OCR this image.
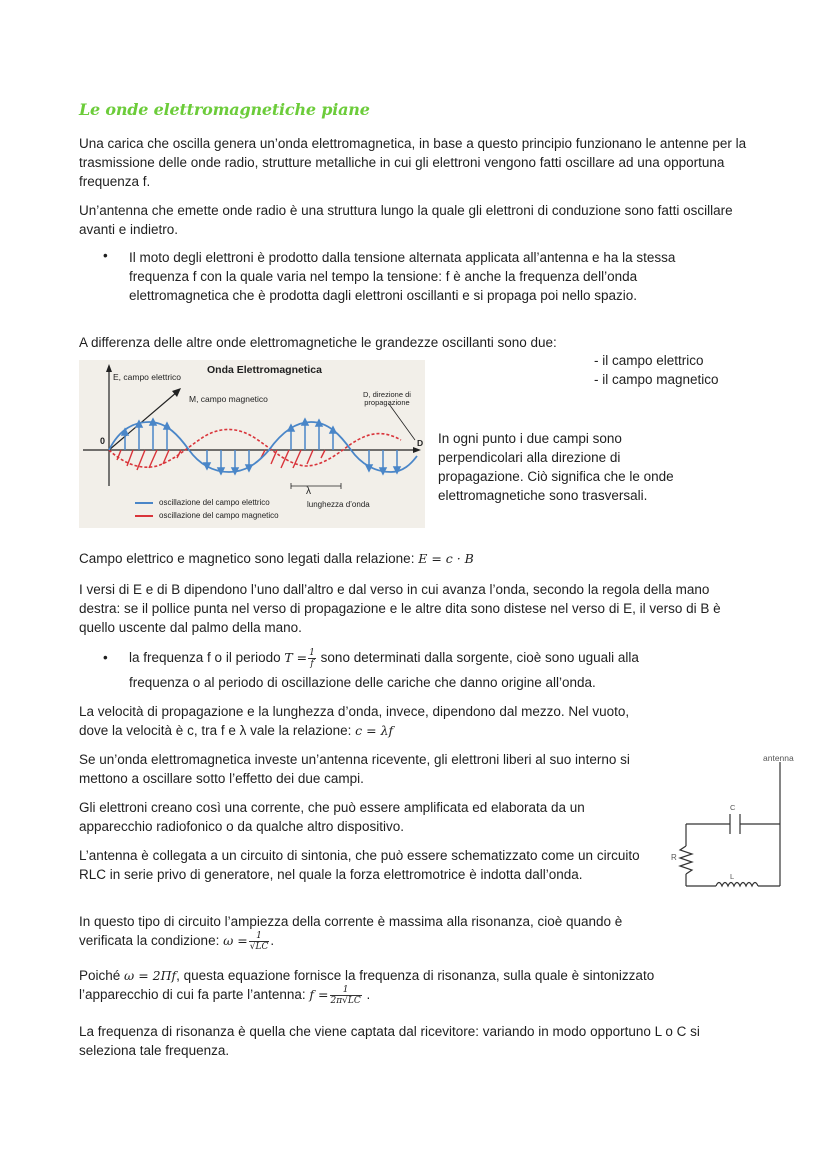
Le onde elettromagnetiche piane
Una carica che oscilla genera un’onda elettromagnetica, in base a questo principio funzionano le antenne per la trasmissione delle onde radio, strutture metalliche in cui gli elettroni vengono fatti oscillare ad una opportuna frequenza f.
Un’antenna che emette onde radio è una struttura lungo la quale gli elettroni di conduzione sono fatti oscillare avanti e indietro.
• Il moto degli elettroni è prodotto dalla tensione alternata applicata all’antenna e ha la stessa frequenza f con la quale varia nel tempo la tensione: f è anche la frequenza dell’onda elettromagnetica che è prodotta dagli elettroni oscillanti e si propaga poi nello spazio.
A differenza delle altre onde elettromagnetiche le grandezze oscillanti sono due:
- il campo elettrico
- il campo magnetico
E, campo elettrico
Onda Elettromagnetica
M, campo magnetico	D, direzione di
propagazione
0	D
λ
lunghezza d’onda
oscillazione del campo elettrico
oscillazione del campo magnetico
In ogni punto i due campi sono perpendicolari alla direzione di propagazione. Ciò significa che le onde elettromagnetiche sono trasversali.
Campo elettrico e magnetico sono legati dalla relazione: E = c · B
I versi di E e di B dipendono l’uno dall’altro e dal verso in cui avanza l’onda, secondo la regola della mano destra: se il pollice punta nel verso di propagazione e le altre dita sono distese nel verso di E, il verso di B è quello uscente dal palmo della mano.
• la frequenza f o il periodo $T = \frac{1}{f}$ sono determinati dalla sorgente, cioè sono uguali alla
frequenza o al periodo di oscillazione delle cariche che danno origine all’onda.
La velocità di propagazione e la lunghezza d’onda, invece, dipendono dal mezzo. Nel vuoto,
dove la velocità è c, tra f e λ vale la relazione: c = λf
Se un’onda elettromagnetica investe un’antenna ricevente, gli elettroni liberi al suo interno si mettono a oscillare sotto l’effetto dei due campi.
Gli elettroni creano così una corrente, che può essere amplificata ed elaborata da un apparecchio radiofonico o da qualche altro dispositivo.
L’antenna è collegata a un circuito di sintonia, che può essere schematizzato come un circuito RLC in serie privo di generatore, nel quale la forza elettromotrice è indotta dall’onda.
antenna
C
R
L
In questo tipo di circuito l’ampiezza della corrente è massima alla risonanza, cioè quando è
verificata la condizione: $\omega = \frac{1}{√LC}$ .
Poiché ω = 2Πf, questa equazione fornisce la frequenza di risonanza, sulla quale è sintonizzato
l’apparecchio di cui fa parte l’antenna: $f = \frac{1}{2\pi√LC}$ .
La frequenza di risonanza è quella che viene captata dal ricevitore: variando in modo opportuno L o C si seleziona tale frequenza.
